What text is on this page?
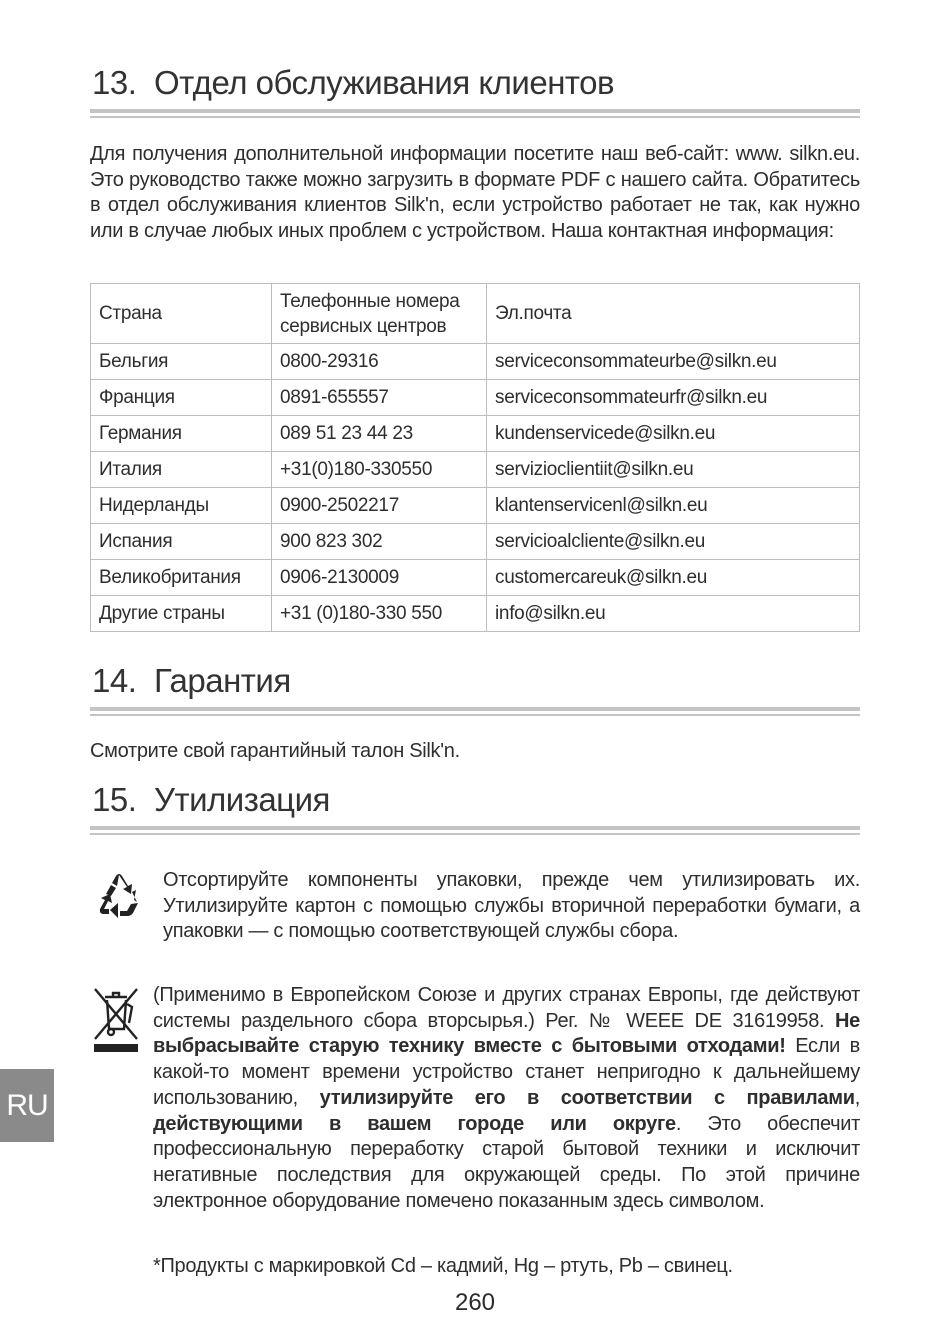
13. Отдел обслуживания клиентов
Для получения дополнительной информации посетите наш веб-сайт: www. silkn.eu. Это руководство также можно загрузить в формате PDF с нашего сайта. Обратитесь в отдел обслуживания клиентов Silk'n, если устройство работает не так, как нужно или в случае любых иных проблем с устройством. Наша контактная информация:
Страна	Телефонные номера сервисных центров	Эл.почта
Бельгия	0800-29316	serviceconsommateurbe@silkn.eu
Франция	0891-655557	serviceconsommateurfr@silkn.eu
Германия	089 51 23 44 23	kundenservicede@silkn.eu
Италия	+31(0)180-330550	servizioclientiit@silkn.eu
Нидерланды	0900-2502217	klantenservicenl@silkn.eu
Испания	900 823 302	servicioalcliente@silkn.eu
Великобритания	0906-2130009	customercareuk@silkn.eu
Другие страны	+31 (0)180-330 550	info@silkn.eu
14. Гарантия
Смотрите свой гарантийный талон Silk'n.
15. Утилизация
Отсортируйте компоненты упаковки, прежде чем утилизировать их. Утилизируйте картон с помощью службы вторичной переработки бумаги, а упаковки — с помощью соответствующей службы сбора.
(Применимо в Европейском Союзе и других странах Европы, где действуют системы раздельного сбора вторсырья.) Рег. № WEEE DE 31619958. Не выбрасывайте старую технику вместе с бытовыми отходами! Если в какой-то момент времени устройство станет непригодно к дальнейшему использованию, утилизируйте его в соответствии с правилами, действующими в вашем городе или округе. Это обеспечит профессиональную переработку старой бытовой техники и исключит негативные последствия для окружающей среды. По этой причине электронное оборудование помечено показанным здесь символом.
*Продукты с маркировкой Cd – кадмий, Hg – ртуть, Pb – свинец.
RU
260
